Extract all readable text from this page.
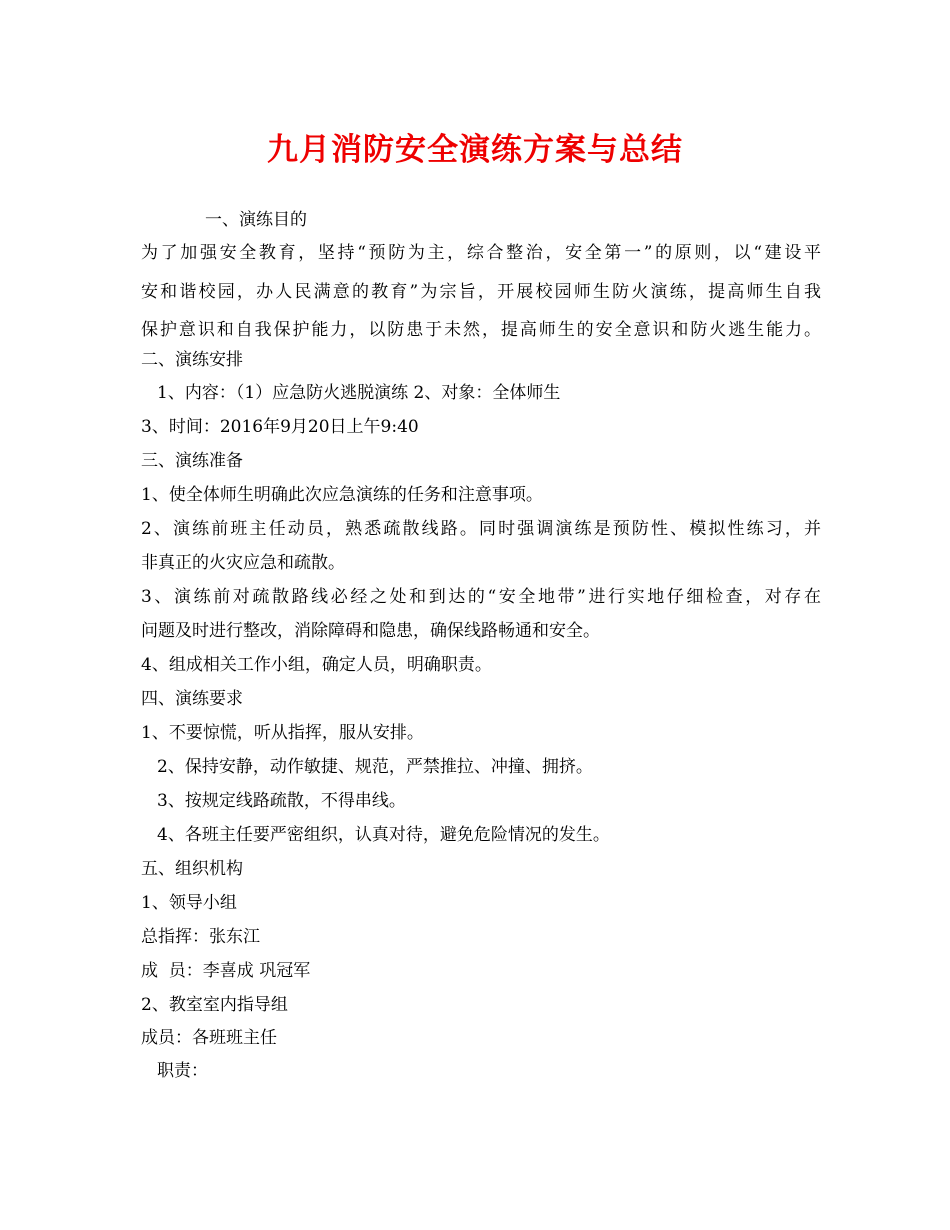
九月消防安全演练方案与总结
一、演练目的
为了加强安全教育，坚持“预防为主，综合整治，安全第一”的原则，以“建设平
安和谐校园，办人民满意的教育”为宗旨，开展校园师生防火演练，提高师生自我
保护意识和自我保护能力，以防患于未然，提高师生的安全意识和防火逃生能力。
二、演练安排
1、内容：（1）应急防火逃脱演练 2、对象：全体师生
3、时间：2016年9月20日上午9:40
三、演练准备
1、使全体师生明确此次应急演练的任务和注意事项。
2、演练前班主任动员，熟悉疏散线路。同时强调演练是预防性、模拟性练习，并
非真正的火灾应急和疏散。
3、演练前对疏散路线必经之处和到达的“安全地带”进行实地仔细检查，对存在
问题及时进行整改，消除障碍和隐患，确保线路畅通和安全。
4、组成相关工作小组，确定人员，明确职责。
四、演练要求
1、不要惊慌，听从指挥，服从安排。
2、保持安静，动作敏捷、规范，严禁推拉、冲撞、拥挤。
3、按规定线路疏散，不得串线。
4、各班主任要严密组织，认真对待，避免危险情况的发生。
五、组织机构
1、领导小组
总指挥：张东江
成  员：李喜成 巩冠军
2、教室室内指导组
成员：各班班主任
职责：
